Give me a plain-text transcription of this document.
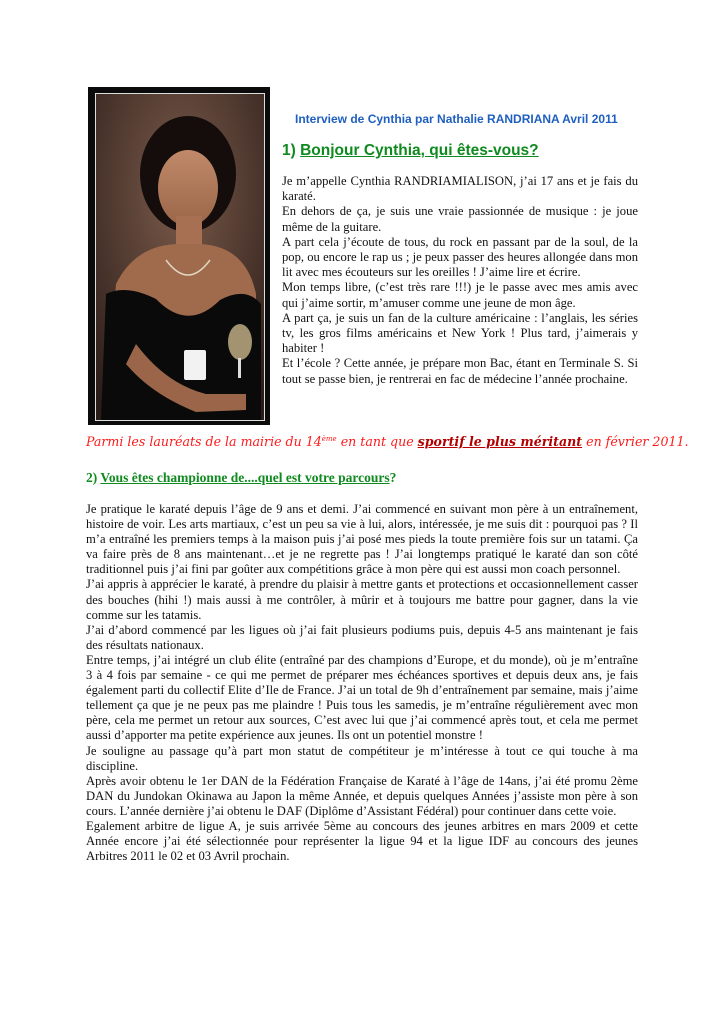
Interview de Cynthia par Nathalie RANDRIANA Avril 2011
1) Bonjour Cynthia, qui êtes-vous?

Je m’appelle Cynthia RANDRIAMIALISON, j’ai 17 ans et je fais du karaté.

En dehors de ça, je suis une vraie passionnée de musique : je joue même de la guitare.

A part cela j’écoute de tous, du rock en passant par de la soul, de la pop, ou encore le rap us ; je peux passer des heures allongée dans mon lit avec mes écouteurs sur les oreilles ! J’aime lire et écrire.

Mon temps libre, (c’est très rare !!!) je le passe avec mes amis avec qui j’aime sortir, m’amuser comme une jeune de mon âge.

A part ça, je suis un fan de la culture américaine : l’anglais, les séries tv, les gros films américains et New York ! Plus tard, j’aimerais y habiter !

Et l’école ? Cette année, je prépare mon Bac, étant en Terminale S. Si tout se passe bien, je rentrerai en fac de médecine l’année prochaine.

Parmi les lauréats de la mairie du 14ème en tant que sportif le plus méritant en février 2011.
2) Vous êtes championne de....quel est votre parcours?

Je pratique le karaté depuis l’âge de 9 ans et demi. J’ai commencé en suivant mon père à un entraînement, histoire de voir. Les arts martiaux, c’est un peu sa vie à lui, alors, intéressée, je me suis dit : pourquoi pas ? Il m’a entraîné les premiers temps à la maison puis j’ai posé mes pieds la toute première fois sur un tatami. Ça va faire près de 8 ans maintenant…et je ne regrette pas ! J’ai longtemps pratiqué le karaté dan son côté traditionnel puis j’ai fini par goûter aux compétitions grâce à mon père qui est aussi mon coach personnel.

J’ai appris à apprécier le karaté, à prendre du plaisir à mettre gants et protections et occasionnellement casser des bouches (hihi !) mais aussi à me contrôler, à mûrir et à toujours me battre pour gagner, dans la vie comme sur les tatamis.

J’ai d’abord commencé par les ligues où j’ai fait plusieurs podiums puis, depuis 4-5 ans maintenant je fais des résultats nationaux.

Entre temps, j’ai intégré un club élite (entraîné par des champions d’Europe, et du monde), où je m’entraîne 3 à 4 fois par semaine - ce qui me permet de préparer mes échéances sportives et depuis deux ans, je fais également parti du collectif Elite d’Ile de France. J’ai un total de 9h d’entraînement par semaine, mais j’aime tellement ça que je ne peux pas me plaindre ! Puis tous les samedis, je m’entraîne régulièrement avec mon père, cela me permet un retour aux sources, C’est avec lui que j’ai commencé après tout, et cela me permet aussi d’apporter ma petite expérience aux jeunes. Ils ont un potentiel monstre !

Je souligne au passage qu’à part mon statut de compétiteur je m’intéresse à tout ce qui touche à ma discipline.

Après avoir obtenu le 1er DAN de la Fédération Française de Karaté à l’âge de 14ans, j’ai été promu 2ème DAN du Jundokan Okinawa au Japon la même Année, et depuis quelques Années j’assiste mon père à son cours. L’année dernière j’ai obtenu le DAF (Diplôme d’Assistant Fédéral) pour continuer dans cette voie.

Egalement arbitre de ligue A, je suis arrivée 5ème au concours des jeunes arbitres en mars 2009 et cette Année encore j’ai été sélectionnée pour représenter la ligue 94 et la ligue IDF au concours des jeunes Arbitres 2011 le 02 et 03 Avril prochain.
